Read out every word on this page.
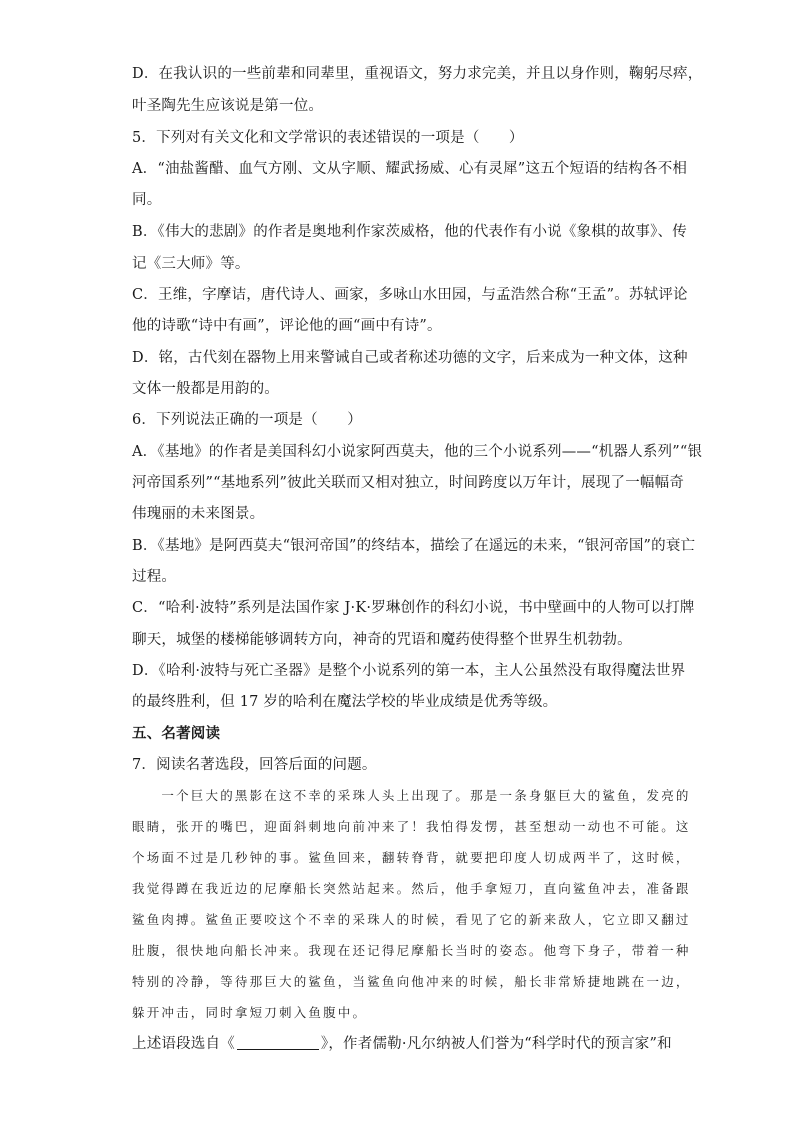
D．在我认识的一些前辈和同辈里，重视语文，努力求完美，并且以身作则，鞠躬尽瘁，
叶圣陶先生应该说是第一位。
5．下列对有关文化和文学常识的表述错误的一项是（　　）
A．“油盐酱醋、血气方刚、文从字顺、耀武扬威、心有灵犀”这五个短语的结构各不相
同。
B．《伟大的悲剧》的作者是奥地利作家茨威格，他的代表作有小说《象棋的故事》、传
记《三大师》等。
C．王维，字摩诘，唐代诗人、画家，多咏山水田园，与孟浩然合称“王孟”。苏轼评论
他的诗歌“诗中有画”，评论他的画“画中有诗”。
D．铭，古代刻在器物上用来警诫自己或者称述功德的文字，后来成为一种文体，这种
文体一般都是用韵的。
6．下列说法正确的一项是（　　）
A．《基地》的作者是美国科幻小说家阿西莫夫，他的三个小说系列——“机器人系列”“银
河帝国系列”“基地系列”彼此关联而又相对独立，时间跨度以万年计，展现了一幅幅奇
伟瑰丽的未来图景。
B．《基地》是阿西莫夫“银河帝国”的终结本，描绘了在遥远的未来，“银河帝国”的衰亡
过程。
C．“哈利·波特”系列是法国作家 J·K·罗琳创作的科幻小说，书中壁画中的人物可以打牌
聊天，城堡的楼梯能够调转方向，神奇的咒语和魔药使得整个世界生机勃勃。
D．《哈利·波特与死亡圣器》是整个小说系列的第一本，主人公虽然没有取得魔法世界
的最终胜利，但 17 岁的哈利在魔法学校的毕业成绩是优秀等级。
五、名著阅读
7．阅读名著选段，回答后面的问题。
　　一个巨大的黑影在这不幸的采珠人头上出现了。那是一条身躯巨大的鲨鱼，发亮的
眼睛，张开的嘴巴，迎面斜刺地向前冲来了！我怕得发愣，甚至想动一动也不可能。这
个场面不过是几秒钟的事。鲨鱼回来，翻转脊背，就要把印度人切成两半了，这时候，
我觉得蹲在我近边的尼摩船长突然站起来。然后，他手拿短刀，直向鲨鱼冲去，准备跟
鲨鱼肉搏。鲨鱼正要咬这个不幸的采珠人的时候，看见了它的新来敌人，它立即又翻过
肚腹，很快地向船长冲来。我现在还记得尼摩船长当时的姿态。他弯下身子，带着一种
特别的冷静，等待那巨大的鲨鱼，当鲨鱼向他冲来的时候，船长非常矫捷地跳在一边，
躲开冲击，同时拿短刀刺入鱼腹中。
上述语段选自《	》，作者儒勒·凡尔纳被人们誉为“科学时代的预言家”和
